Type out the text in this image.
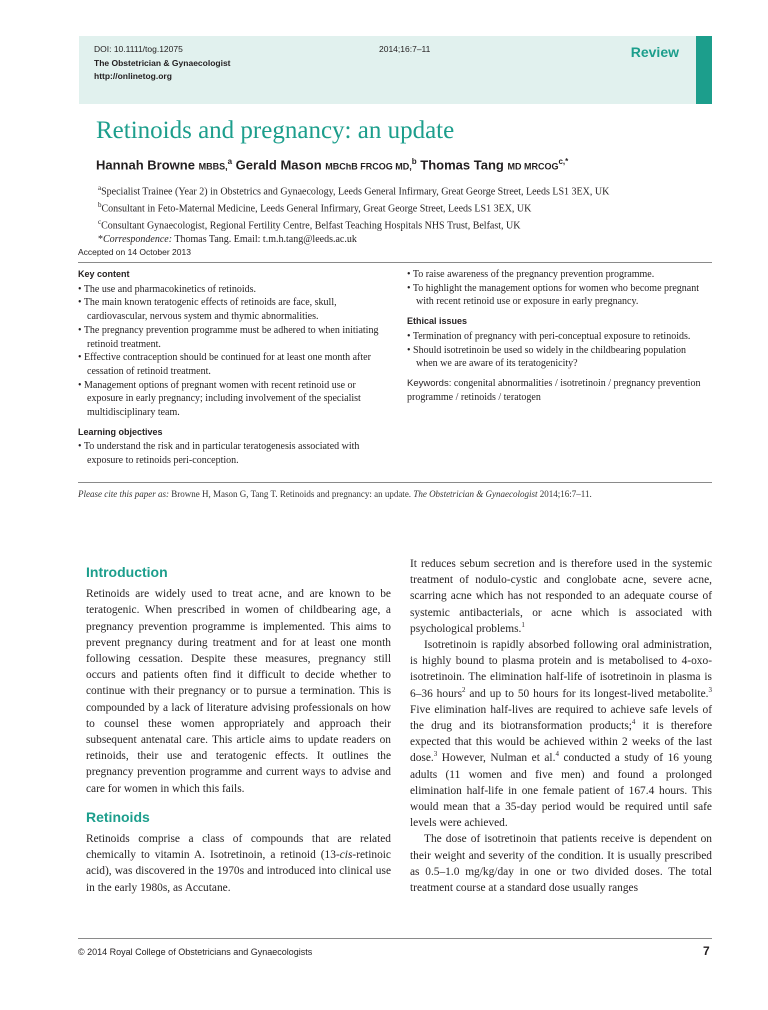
DOI: 10.1111/tog.12075	2014;16:7–11
The Obstetrician & Gynaecologist
http://onlinetog.org
Review
Retinoids and pregnancy: an update
Hannah Browne MBBS,$^a$ Gerald Mason MBChB FRCOG MD,$^b$ Thomas Tang MD $MRCOG^{c,*}$
$^a$Specialist Trainee (Year 2) in Obstetrics and Gynaecology, Leeds General Infirmary, Great George Street, Leeds LS1 3EX, UK
$^b$Consultant in Feto-Maternal Medicine, Leeds General Infirmary, Great George Street, Leeds LS1 3EX, UK
$^c$Consultant Gynaecologist, Regional Fertility Centre, Belfast Teaching Hospitals NHS Trust, Belfast, UK
*Correspondence: Thomas Tang. Email: t.m.h.tang@leeds.ac.uk
Accepted on 14 October 2013
Key content
• The use and pharmacokinetics of retinoids.
• The main known teratogenic effects of retinoids are face, skull, cardiovascular, nervous system and thymic abnormalities.
• The pregnancy prevention programme must be adhered to when initiating retinoid treatment.
• Effective contraception should be continued for at least one month after cessation of retinoid treatment.
• Management options of pregnant women with recent retinoid use or exposure in early pregnancy; including involvement of the specialist multidisciplinary team.
Learning objectives
• To understand the risk and in particular teratogenesis associated with exposure to retinoids peri-conception.
• To raise awareness of the pregnancy prevention programme.
• To highlight the management options for women who become pregnant with recent retinoid use or exposure in early pregnancy.
Ethical issues
• Termination of pregnancy with peri-conceptual exposure to retinoids.
• Should isotretinoin be used so widely in the childbearing population when we are aware of its teratogenicity?
Keywords: congenital abnormalities / isotretinoin / pregnancy prevention programme / retinoids / teratogen
Please cite this paper as: Browne H, Mason G, Tang T. Retinoids and pregnancy: an update. The Obstetrician & Gynaecologist 2014;16:7–11.
Introduction

Retinoids are widely used to treat acne, and are known to be teratogenic. When prescribed in women of childbearing age, a pregnancy prevention programme is implemented. This aims to prevent pregnancy during treatment and for at least one month following cessation. Despite these measures, pregnancy still occurs and patients often find it difficult to decide whether to continue with their pregnancy or to pursue a termination. This is compounded by a lack of literature advising professionals on how to counsel these women appropriately and approach their subsequent antenatal care. This article aims to update readers on retinoids, their use and teratogenic effects. It outlines the pregnancy prevention programme and current ways to advise and care for women in which this fails.

Retinoids

Retinoids comprise a class of compounds that are related chemically to vitamin A. Isotretinoin, a retinoid (13-cis-retinoic acid), was discovered in the 1970s and introduced into clinical use in the early 1980s, as Accutane.

It reduces sebum secretion and is therefore used in the systemic treatment of nodulo-cystic and conglobate acne, severe acne, scarring acne which has not responded to an adequate course of systemic antibacterials, or acne which is associated with psychological problems.$^1$

Isotretinoin is rapidly absorbed following oral administration, is highly bound to plasma protein and is metabolised to 4-oxo-isotretinoin. The elimination half-life of isotretinoin in plasma is 6–36 hours$^2$ and up to 50 hours for its longest-lived metabolite.$^3$ Five elimination half-lives are required to achieve safe levels of the drug and its biotransformation products;$^4$ it is therefore expected that this would be achieved within 2 weeks of the last dose.$^3$ However, Nulman et al.$^4$ conducted a study of 16 young adults (11 women and five men) and found a prolonged elimination half-life in one female patient of 167.4 hours. This would mean that a 35-day period would be required until safe levels were achieved.

The dose of isotretinoin that patients receive is dependent on their weight and severity of the condition. It is usually prescribed as 0.5–1.0 mg/kg/day in one or two divided doses. The total treatment course at a standard dose usually ranges

© 2014 Royal College of Obstetricians and Gynaecologists	7
